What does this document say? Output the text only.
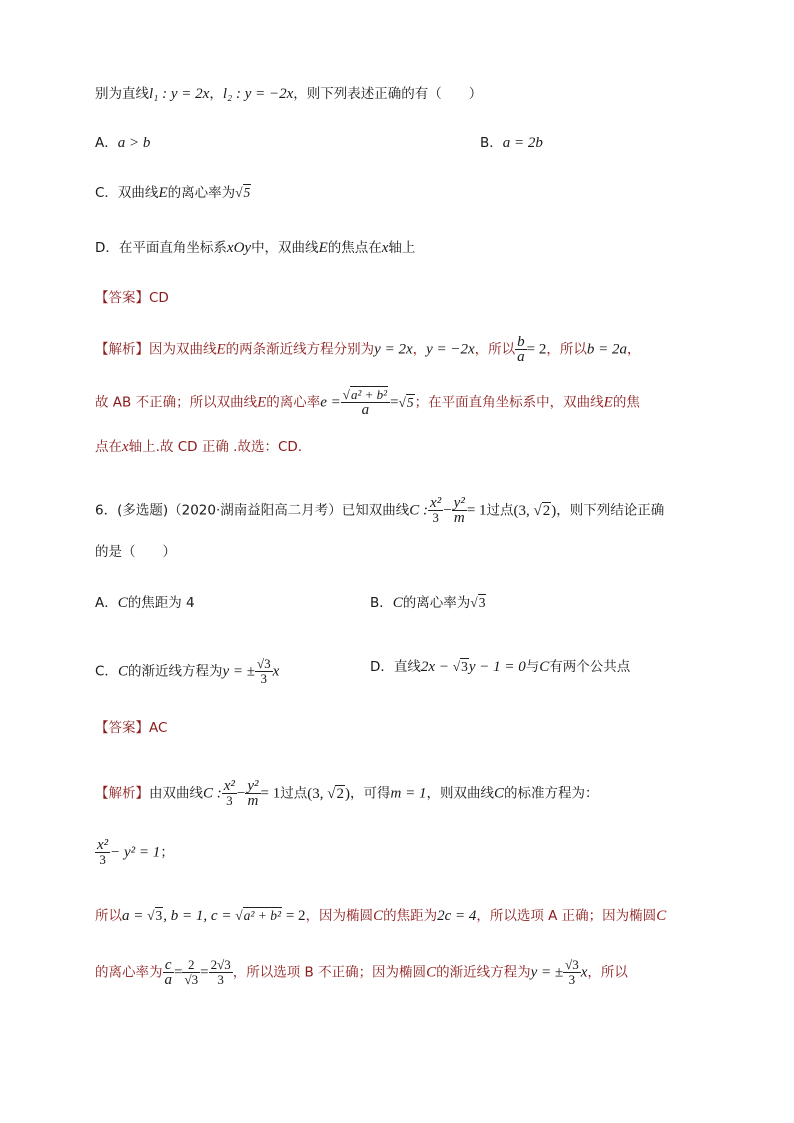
别为直线l₁ : y = 2x，l₂ : y = −2x，则下列表述正确的有（　　）
A．a > b	B．a = 2b
C．双曲线E的离心率为√5
D．在平面直角坐标系xOy中，双曲线E的焦点在x轴上
【答案】CD
【解析】因为双曲线E的两条渐近线方程分别为y = 2x，y = −2x，所以 $\frac{b}{a} = 2$，所以b = 2a，
故 AB 不正确；所以双曲线E的离心率$e = \frac{\text{√a² + b²}}{a} =√5$；在平面直角坐标系中，双曲线E的焦
点在x轴上.故 CD 正确 .故选：CD.
6．(多选题)（2020·湖南益阳高二月考）已知双曲线C : $\frac{\text{x²}}{3} - \frac{\text{y²}}{m} = 1$过点(3, √2)，则下列结论正确
的是（　　）
A．C的焦距为 4	B．C的离心率为√3
C．C的渐近线方程为y = ± $\frac{√3}{3}$ x	D．直线2x − √3y − 1 = 0与C有两个公共点
【答案】AC
【解析】由双曲线C : $\frac{\text{x²}}{3} - \frac{\text{y²}}{m} = 1$过点(3, √2)，可得m = 1，则双曲线C的标准方程为：
$\frac{\text{x²}}{3} - y^2 = 1$；
所以a = √3, b = 1, c = √a² + b² = 2，因为椭圆C的焦距为2c = 4，所以选项 A 正确；因为椭圆C
的离心率为 $\frac{c}{a} = \frac{2}{√3} = \frac{2√3}{3}$ ，所以选项 B 不正确；因为椭圆C的渐近线方程为y = ± $\frac{√3}{3}$ x，所以
